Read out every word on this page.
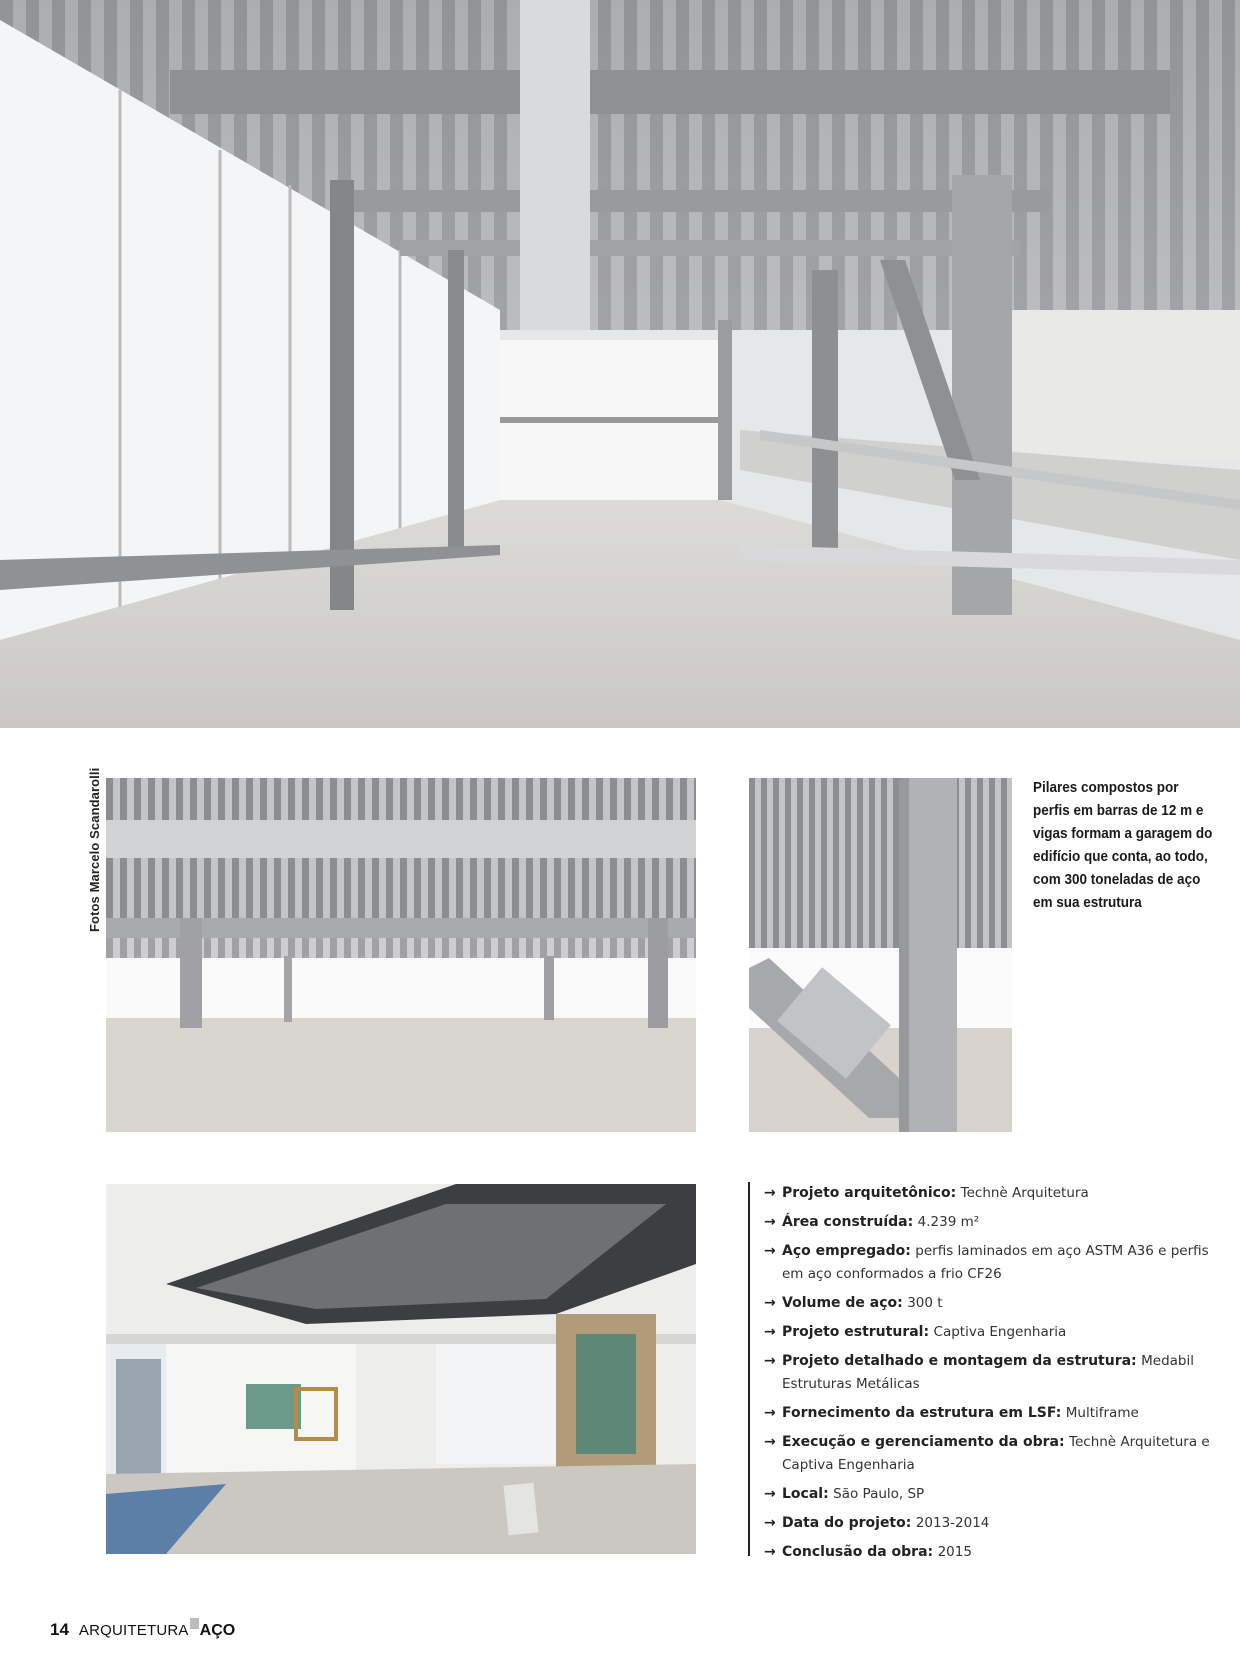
Fotos Marcelo Scandarolli	Pilares compostos por perfis em barras de 12 m e vigas formam a garagem do edifício que conta, ao todo, com 300 toneladas de aço em sua estrutura
→ Projeto arquitetônico: Technè Arquitetura
→ Área construída: 4.239 m²
→ Aço empregado: perfis laminados em aço ASTM A36 e perfis em aço conformados a frio CF26
→ Volume de aço: 300 t
→ Projeto estrutural: Captiva Engenharia
→ Projeto detalhado e montagem da estrutura: Medabil Estruturas Metálicas
→ Fornecimento da estrutura em LSF: Multiframe
→ Execução e gerenciamento da obra: Technè Arquitetura e Captiva Engenharia
→ Local: São Paulo, SP
→ Data do projeto: 2013-2014
→ Conclusão da obra: 2015
14 ARQUITETURA AÇO
